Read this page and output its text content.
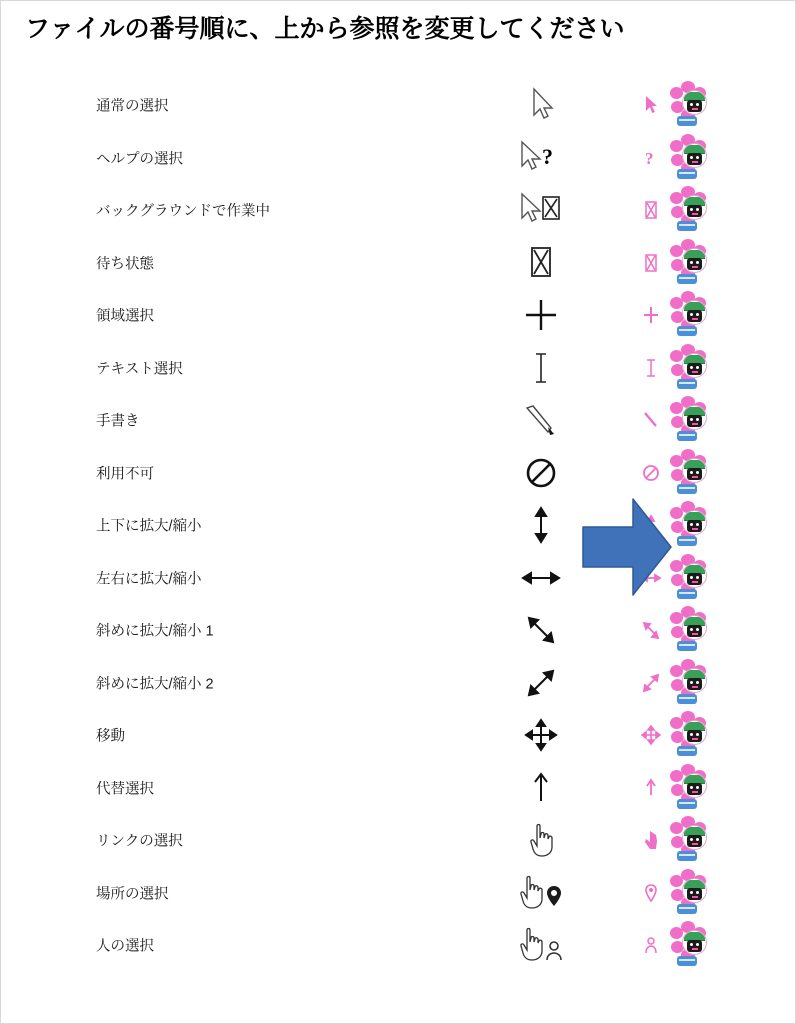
ファイルの番号順に、上から参照を変更してください
通常の選択
ヘルプの選択	?	?
バックグラウンドで作業中
待ち状態
領域選択
テキスト選択
手書き
利用不可
上下に拡大/縮小
左右に拡大/縮小
斜めに拡大/縮小 1
斜めに拡大/縮小 2
移動
代替選択
リンクの選択
場所の選択
人の選択
